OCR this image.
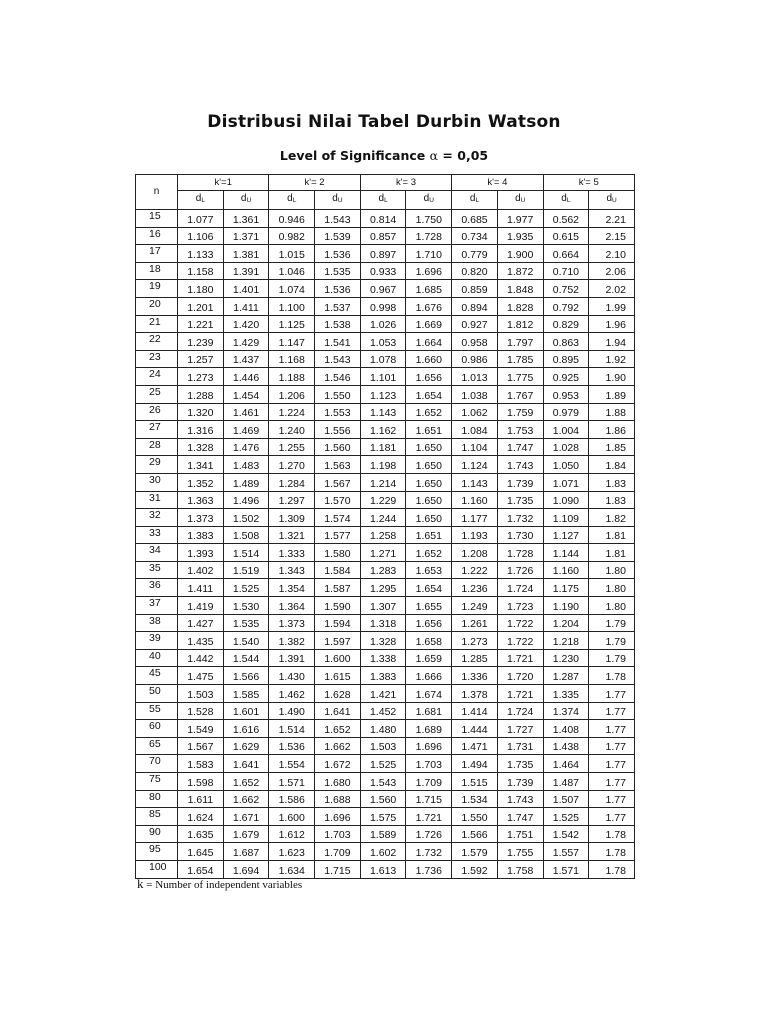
Distribusi Nilai Tabel Durbin Watson
Level of Significance α = 0,05
n	k'=1		k'= 2		k'= 3		k'= 4		k'= 5	
	$d_L$	$d_U$	$d_L$	$d_U$	$d_L$	$d_U$	$d_L$	$d_U$	$d_L$	$d_U$
15	1.077	1.361	0.946	1.543	0.814	1.750	0.685	1.977	0.562	2.21
16	1.106	1.371	0.982	1.539	0.857	1.728	0.734	1.935	0.615	2.15
17	1.133	1.381	1.015	1.536	0.897	1.710	0.779	1.900	0.664	2.10
18	1.158	1.391	1.046	1.535	0.933	1.696	0.820	1.872	0.710	2.06
19	1.180	1.401	1.074	1.536	0.967	1.685	0.859	1.848	0.752	2.02
20	1.201	1.411	1.100	1.537	0.998	1.676	0.894	1.828	0.792	1.99
21	1.221	1.420	1.125	1.538	1.026	1.669	0.927	1.812	0.829	1.96
22	1.239	1.429	1.147	1.541	1.053	1.664	0.958	1.797	0.863	1.94
23	1.257	1.437	1.168	1.543	1.078	1.660	0.986	1.785	0.895	1.92
24	1.273	1.446	1.188	1.546	1.101	1.656	1.013	1.775	0.925	1.90
25	1.288	1.454	1.206	1.550	1.123	1.654	1.038	1.767	0.953	1.89
26	1.320	1.461	1.224	1.553	1.143	1.652	1.062	1.759	0.979	1.88
27	1.316	1.469	1.240	1.556	1.162	1.651	1.084	1.753	1.004	1.86
28	1.328	1.476	1.255	1.560	1.181	1.650	1.104	1.747	1.028	1.85
29	1.341	1.483	1.270	1.563	1.198	1.650	1.124	1.743	1.050	1.84
30	1.352	1.489	1.284	1.567	1.214	1.650	1.143	1.739	1.071	1.83
31	1.363	1.496	1.297	1.570	1.229	1.650	1.160	1.735	1.090	1.83
32	1.373	1.502	1.309	1.574	1.244	1.650	1.177	1.732	1.109	1.82
33	1.383	1.508	1.321	1.577	1.258	1.651	1.193	1.730	1.127	1.81
34	1.393	1.514	1.333	1.580	1.271	1.652	1.208	1.728	1.144	1.81
35	1.402	1.519	1.343	1.584	1.283	1.653	1.222	1.726	1.160	1.80
36	1.411	1.525	1.354	1.587	1.295	1.654	1.236	1.724	1.175	1.80
37	1.419	1.530	1.364	1.590	1.307	1.655	1.249	1.723	1.190	1.80
38	1.427	1.535	1.373	1.594	1.318	1.656	1.261	1.722	1.204	1.79
39	1.435	1.540	1.382	1.597	1.328	1.658	1.273	1.722	1.218	1.79
40	1.442	1.544	1.391	1.600	1.338	1.659	1.285	1.721	1.230	1.79
45	1.475	1.566	1.430	1.615	1.383	1.666	1.336	1.720	1.287	1.78
50	1.503	1.585	1.462	1.628	1.421	1.674	1.378	1.721	1.335	1.77
55	1.528	1.601	1.490	1.641	1.452	1.681	1.414	1.724	1.374	1.77
60	1.549	1.616	1.514	1.652	1.480	1.689	1.444	1.727	1.408	1.77
65	1.567	1.629	1.536	1.662	1.503	1.696	1.471	1.731	1.438	1.77
70	1.583	1.641	1.554	1.672	1.525	1.703	1.494	1.735	1.464	1.77
75	1.598	1.652	1.571	1.680	1.543	1.709	1.515	1.739	1.487	1.77
80	1.611	1.662	1.586	1.688	1.560	1.715	1.534	1.743	1.507	1.77
85	1.624	1.671	1.600	1.696	1.575	1.721	1.550	1.747	1.525	1.77
90	1.635	1.679	1.612	1.703	1.589	1.726	1.566	1.751	1.542	1.78
95	1.645	1.687	1.623	1.709	1.602	1.732	1.579	1.755	1.557	1.78
100	1.654	1.694	1.634	1.715	1.613	1.736	1.592	1.758	1.571	1.78
k = Number of independent variables
